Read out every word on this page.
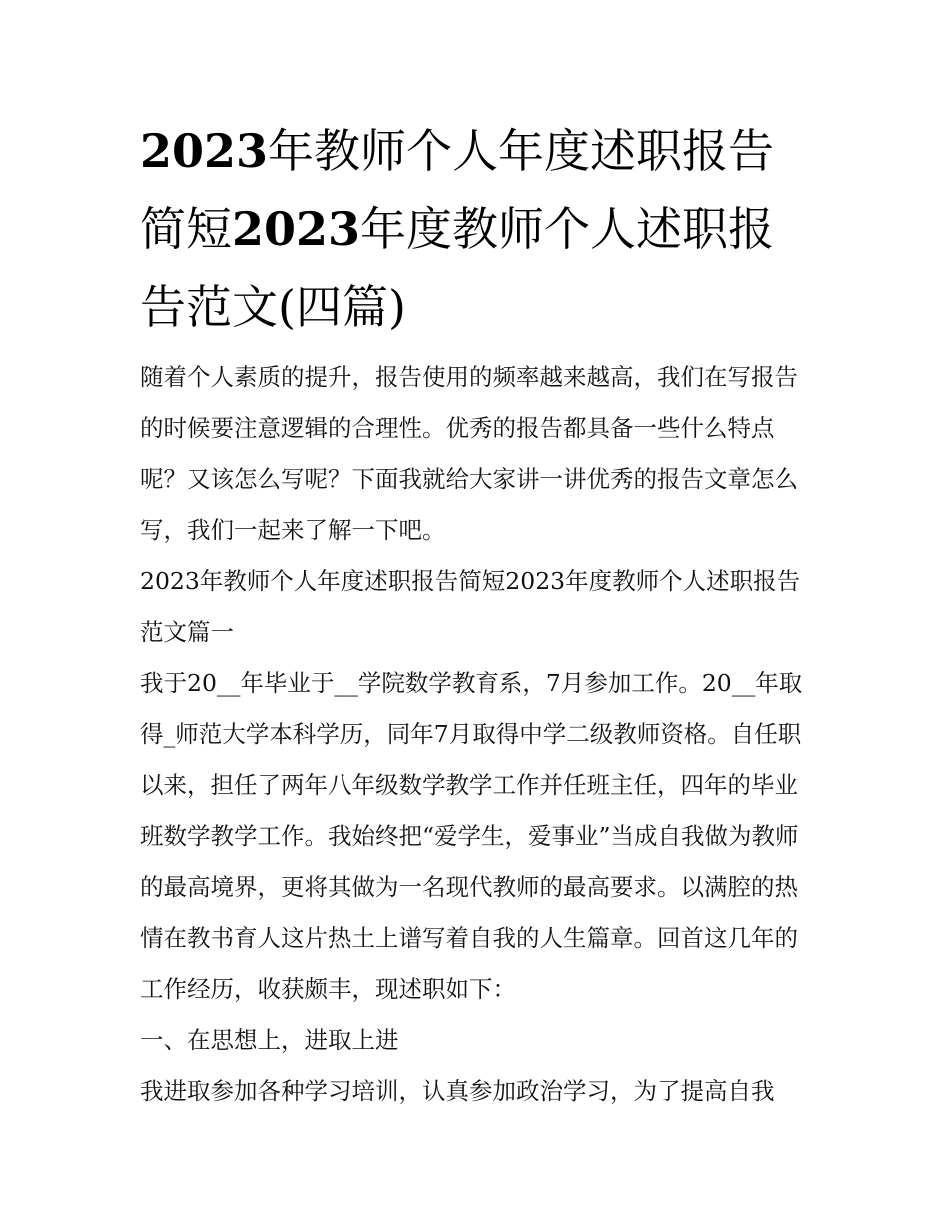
2023年教师个人年度述职报告简短2023年度教师个人述职报告范文(四篇)

随着个人素质的提升，报告使用的频率越来越高，我们在写报告的时候要注意逻辑的合理性。优秀的报告都具备一些什么特点呢？又该怎么写呢？下面我就给大家讲一讲优秀的报告文章怎么写，我们一起来了解一下吧。

2023年教师个人年度述职报告简短2023年度教师个人述职报告范文篇一

我于20__年毕业于__学院数学教育系，7月参加工作。20__年取得_师范大学本科学历，同年7月取得中学二级教师资格。自任职以来，担任了两年八年级数学教学工作并任班主任，四年的毕业班数学教学工作。我始终把“爱学生，爱事业”当成自我做为教师的最高境界，更将其做为一名现代教师的最高要求。以满腔的热情在教书育人这片热土上谱写着自我的人生篇章。回首这几年的工作经历，收获颇丰，现述职如下：

一、在思想上，进取上进

我进取参加各种学习培训，认真参加政治学习，为了提高自我
